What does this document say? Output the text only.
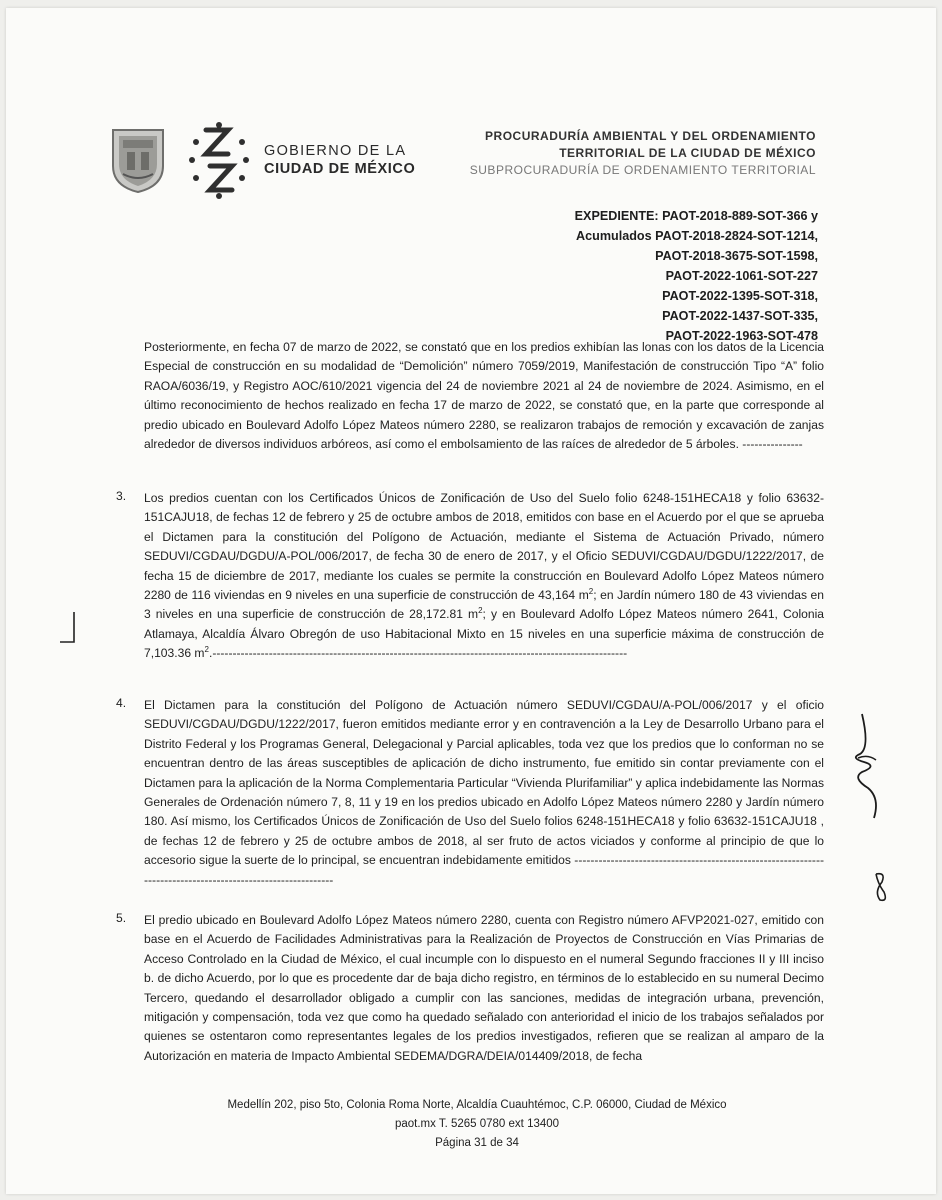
GOBIERNO DE LA
CIUDAD DE MÉXICO
PROCURADURÍA AMBIENTAL Y DEL ORDENAMIENTO
TERRITORIAL DE LA CIUDAD DE MÉXICO
SUBPROCURADURÍA DE ORDENAMIENTO TERRITORIAL
EXPEDIENTE: PAOT-2018-889-SOT-366 y
Acumulados PAOT-2018-2824-SOT-1214,
PAOT-2018-3675-SOT-1598,
PAOT-2022-1061-SOT-227
PAOT-2022-1395-SOT-318,
PAOT-2022-1437-SOT-335,
PAOT-2022-1963-SOT-478
Posteriormente, en fecha 07 de marzo de 2022, se constató que en los predios exhibían las lonas con los datos de la Licencia Especial de construcción en su modalidad de “Demolición” número 7059/2019, Manifestación de construcción Tipo “A” folio RAOA/6036/19, y Registro AOC/610/2021 vigencia del 24 de noviembre 2021 al 24 de noviembre de 2024. Asimismo, en el último reconocimiento de hechos realizado en fecha 17 de marzo de 2022, se constató que, en la parte que corresponde al predio ubicado en Boulevard Adolfo López Mateos número 2280, se realizaron trabajos de remoción y excavación de zanjas alrededor de diversos individuos arbóreos, así como el embolsamiento de las raíces de alrededor de 5 árboles. ---------------
3. Los predios cuentan con los Certificados Únicos de Zonificación de Uso del Suelo folio 6248-151HECA18 y folio 63632-151CAJU18, de fechas 12 de febrero y 25 de octubre ambos de 2018, emitidos con base en el Acuerdo por el que se aprueba el Dictamen para la constitución del Polígono de Actuación, mediante el Sistema de Actuación Privado, número SEDUVI/CGDAU/DGDU/A-POL/006/2017, de fecha 30 de enero de 2017, y el Oficio SEDUVI/CGDAU/DGDU/1222/2017, de fecha 15 de diciembre de 2017, mediante los cuales se permite la construcción en Boulevard Adolfo López Mateos número 2280 de 116 viviendas en 9 niveles en una superficie de construcción de 43,164 $m^2$; en Jardín número 180 de 43 viviendas en 3 niveles en una superficie de construcción de 28,172.81 $m^2$; y en Boulevard Adolfo López Mateos número 2641, Colonia Atlamaya, Alcaldía Álvaro Obregón de uso Habitacional Mixto en 15 niveles en una superficie máxima de construcción de 7,103.36 $m^2.-------------------------------------------------------------------------------------------------------$
4. El Dictamen para la constitución del Polígono de Actuación número SEDUVI/CGDAU/A-POL/006/2017 y el oficio SEDUVI/CGDAU/DGDU/1222/2017, fueron emitidos mediante error y en contravención a la Ley de Desarrollo Urbano para el Distrito Federal y los Programas General, Delegacional y Parcial aplicables, toda vez que los predios que lo conforman no se encuentran dentro de las áreas susceptibles de aplicación de dicho instrumento, fue emitido sin contar previamente con el Dictamen para la aplicación de la Norma Complementaria Particular “Vivienda Plurifamiliar” y aplica indebidamente las Normas Generales de Ordenación número 7, 8, 11 y 19 en los predios ubicado en Adolfo López Mateos número 2280 y Jardín número 180. Así mismo, los Certificados Únicos de Zonificación de Uso del Suelo folios 6248-151HECA18 y folio 63632-151CAJU18 , de fechas 12 de febrero y 25 de octubre ambos de 2018, al ser fruto de actos viciados y conforme al principio de que lo accesorio sigue la suerte de lo principal, se encuentran indebidamente emitidos -------------------------------------------------------------------------------------------------------------
5. El predio ubicado en Boulevard Adolfo López Mateos número 2280, cuenta con Registro número AFVP2021-027, emitido con base en el Acuerdo de Facilidades Administrativas para la Realización de Proyectos de Construcción en Vías Primarias de Acceso Controlado en la Ciudad de México, el cual incumple con lo dispuesto en el numeral Segundo fracciones II y III inciso b. de dicho Acuerdo, por lo que es procedente dar de baja dicho registro, en términos de lo establecido en su numeral Decimo Tercero, quedando el desarrollador obligado a cumplir con las sanciones, medidas de integración urbana, prevención, mitigación y compensación, toda vez que como ha quedado señalado con anterioridad el inicio de los trabajos señalados por quienes se ostentaron como representantes legales de los predios investigados, refieren que se realizan al amparo de la Autorización en materia de Impacto Ambiental SEDEMA/DGRA/DEIA/014409/2018, de fecha
Medellín 202, piso 5to, Colonia Roma Norte, Alcaldía Cuauhtémoc, C.P. 06000, Ciudad de México
paot.mx T. 5265 0780 ext 13400
Página 31 de 34
